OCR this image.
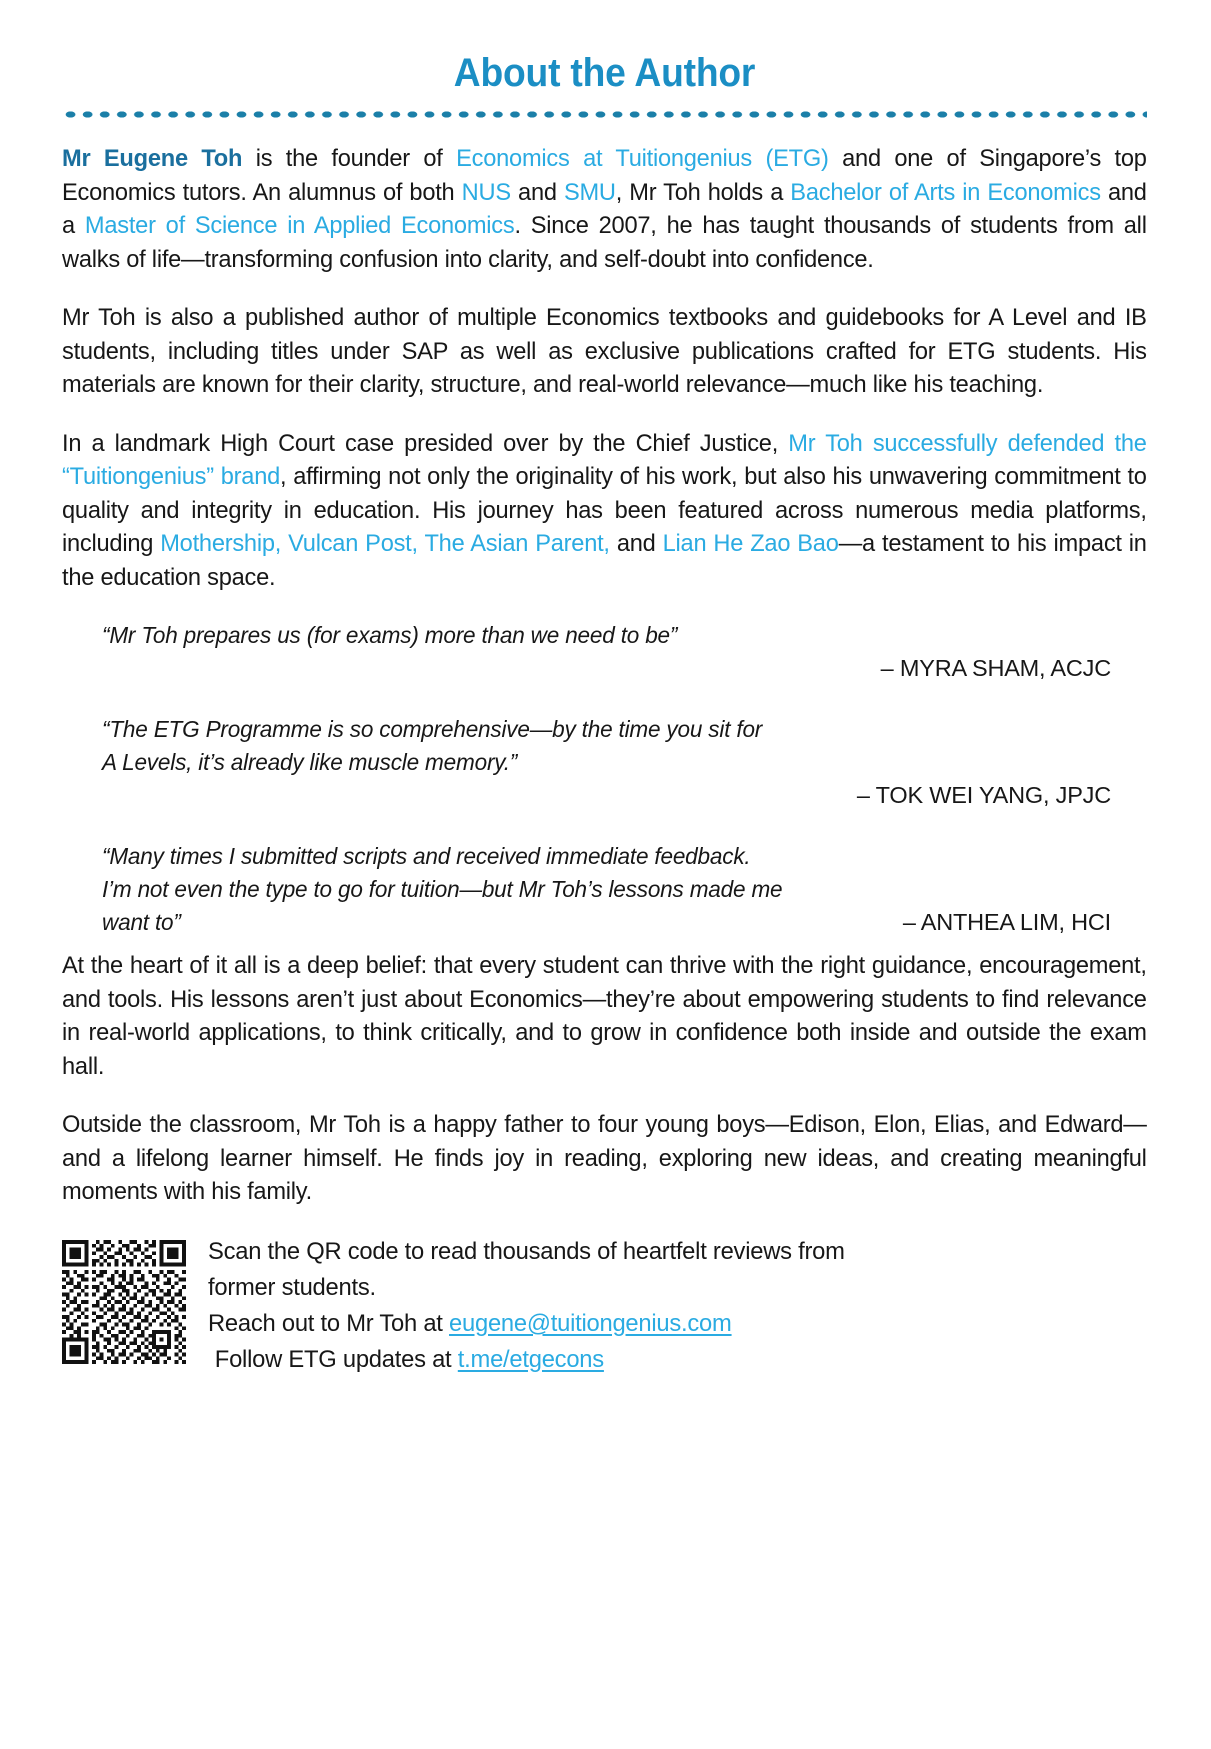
About the Author

Mr Eugene Toh is the founder of Economics at Tuitiongenius (ETG) and one of Singapore’s top Economics tutors. An alumnus of both NUS and SMU, Mr Toh holds a Bachelor of Arts in Economics and a Master of Science in Applied Economics. Since 2007, he has taught thousands of students from all walks of life—transforming confusion into clarity, and self-doubt into confidence.

Mr Toh is also a published author of multiple Economics textbooks and guidebooks for A Level and IB students, including titles under SAP as well as exclusive publications crafted for ETG students. His materials are known for their clarity, structure, and real-world relevance—much like his teaching.

In a landmark High Court case presided over by the Chief Justice, Mr Toh successfully defended the “Tuitiongenius” brand, affirming not only the originality of his work, but also his unwavering commitment to quality and integrity in education. His journey has been featured across numerous media platforms, including Mothership, Vulcan Post, The Asian Parent, and Lian He Zao Bao—a testament to his impact in the education space.

“Mr Toh prepares us (for exams) more than we need to be”

– MYRA SHAM, ACJC

“The ETG Programme is so comprehensive—by the time you sit for

A Levels, it’s already like muscle memory.”

– TOK WEI YANG, JPJC

“Many times I submitted scripts and received immediate feedback.

I’m not even the type to go for tuition—but Mr Toh’s lessons made me

want to”	– ANTHEA LIM, HCI

At the heart of it all is a deep belief: that every student can thrive with the right guidance, encouragement, and tools. His lessons aren’t just about Economics—they’re about empowering students to find relevance in real-world applications, to think critically, and to grow in confidence both inside and outside the exam hall.

Outside the classroom, Mr Toh is a happy father to four young boys—Edison, Elon, Elias, and Edward—and a lifelong learner himself. He finds joy in reading, exploring new ideas, and creating meaningful moments with his family.

Scan the QR code to read thousands of heartfelt reviews from

former students.

Reach out to Mr Toh at eugene@tuitiongenius.com

Follow ETG updates at t.me/etgecons
